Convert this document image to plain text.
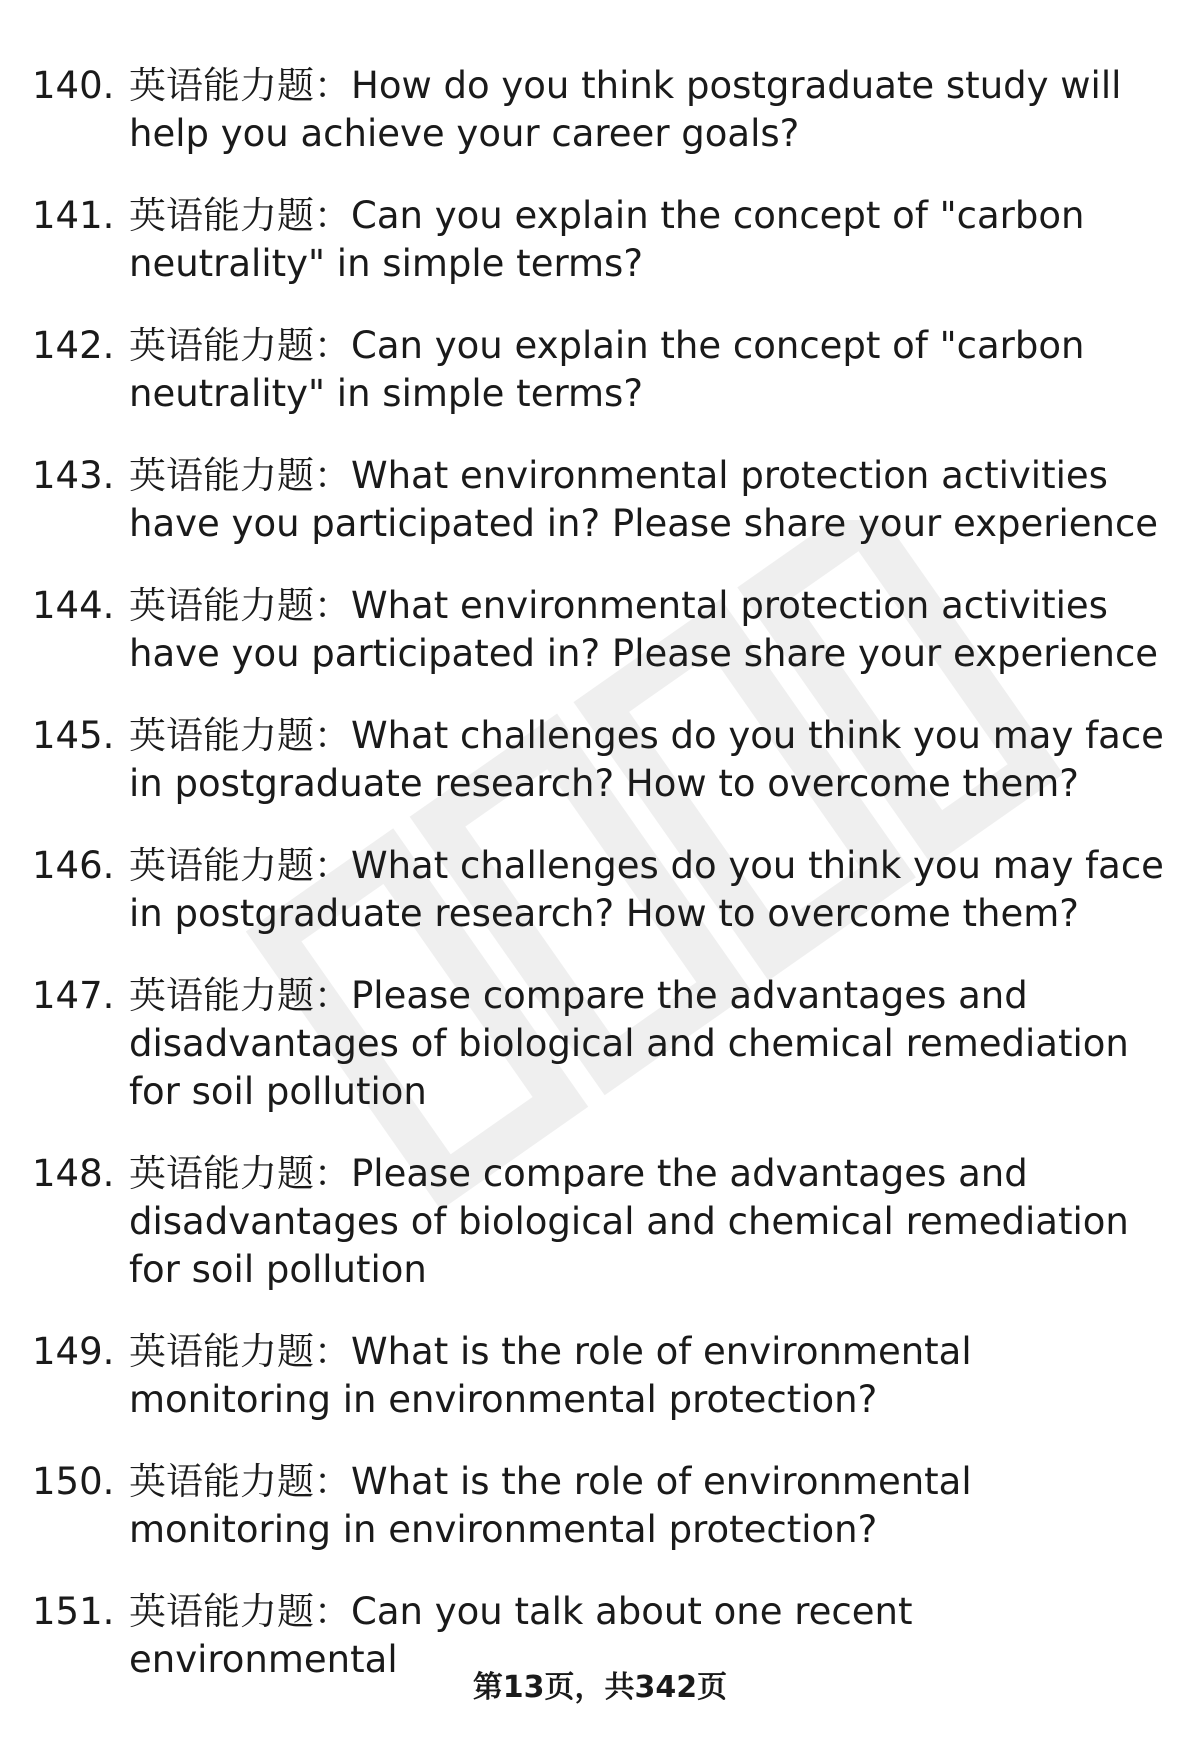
140. 英语能力题：How do you think postgraduate study will help you achieve your career goals?
141. 英语能力题：Can you explain the concept of "carbon neutrality" in simple terms?
142. 英语能力题：Can you explain the concept of "carbon neutrality" in simple terms?
143. 英语能力题：What environmental protection activities have you participated in? Please share your experience
144. 英语能力题：What environmental protection activities have you participated in? Please share your experience
145. 英语能力题：What challenges do you think you may face in postgraduate research? How to overcome them?
146. 英语能力题：What challenges do you think you may face in postgraduate research? How to overcome them?
147. 英语能力题：Please compare the advantages and disadvantages of biological and chemical remediation for soil pollution
148. 英语能力题：Please compare the advantages and disadvantages of biological and chemical remediation for soil pollution
149. 英语能力题：What is the role of environmental monitoring in environmental protection?
150. 英语能力题：What is the role of environmental monitoring in environmental protection?
151. 英语能力题：Can you talk about one recent environmental
第13页，共342页
